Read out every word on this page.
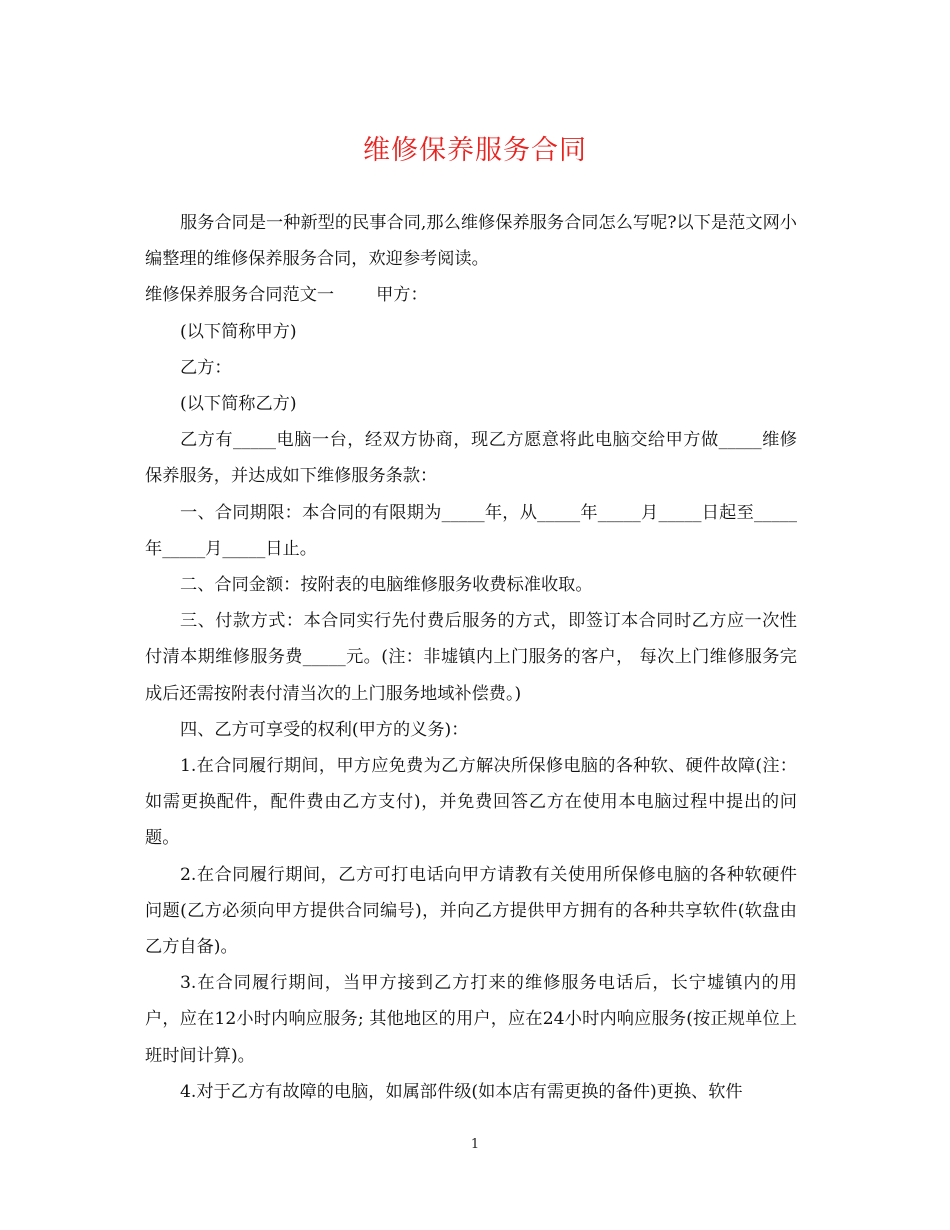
维修保养服务合同

服务合同是一种新型的民事合同,那么维修保养服务合同怎么写呢?以下是范文网小编整理的维修保养服务合同，欢迎参考阅读。

维修保养服务合同范文一 甲方：

(以下简称甲方)

乙方：

(以下简称乙方)

乙方有_____电脑一台，经双方协商，现乙方愿意将此电脑交给甲方做_____维修保养服务，并达成如下维修服务条款：

一、合同期限：本合同的有限期为_____年，从_____年_____月_____日起至_____年_____月_____日止。

二、合同金额：按附表的电脑维修服务收费标准收取。

三、付款方式：本合同实行先付费后服务的方式，即签订本合同时乙方应一次性付清本期维修服务费_____元。(注：非墟镇内上门服务的客户， 每次上门维修服务完成后还需按附表付清当次的上门服务地域补偿费。)

四、乙方可享受的权利(甲方的义务)：

1.在合同履行期间，甲方应免费为乙方解决所保修电脑的各种软、硬件故障(注：如需更换配件，配件费由乙方支付)，并免费回答乙方在使用本电脑过程中提出的问题。

2.在合同履行期间，乙方可打电话向甲方请教有关使用所保修电脑的各种软硬件问题(乙方必须向甲方提供合同编号)，并向乙方提供甲方拥有的各种共享软件(软盘由乙方自备)。

3.在合同履行期间，当甲方接到乙方打来的维修服务电话后，长宁墟镇内的用户，应在12小时内响应服务; 其他地区的用户，应在24小时内响应服务(按正规单位上班时间计算)。

4.对于乙方有故障的电脑，如属部件级(如本店有需更换的备件)更换、软件

1
